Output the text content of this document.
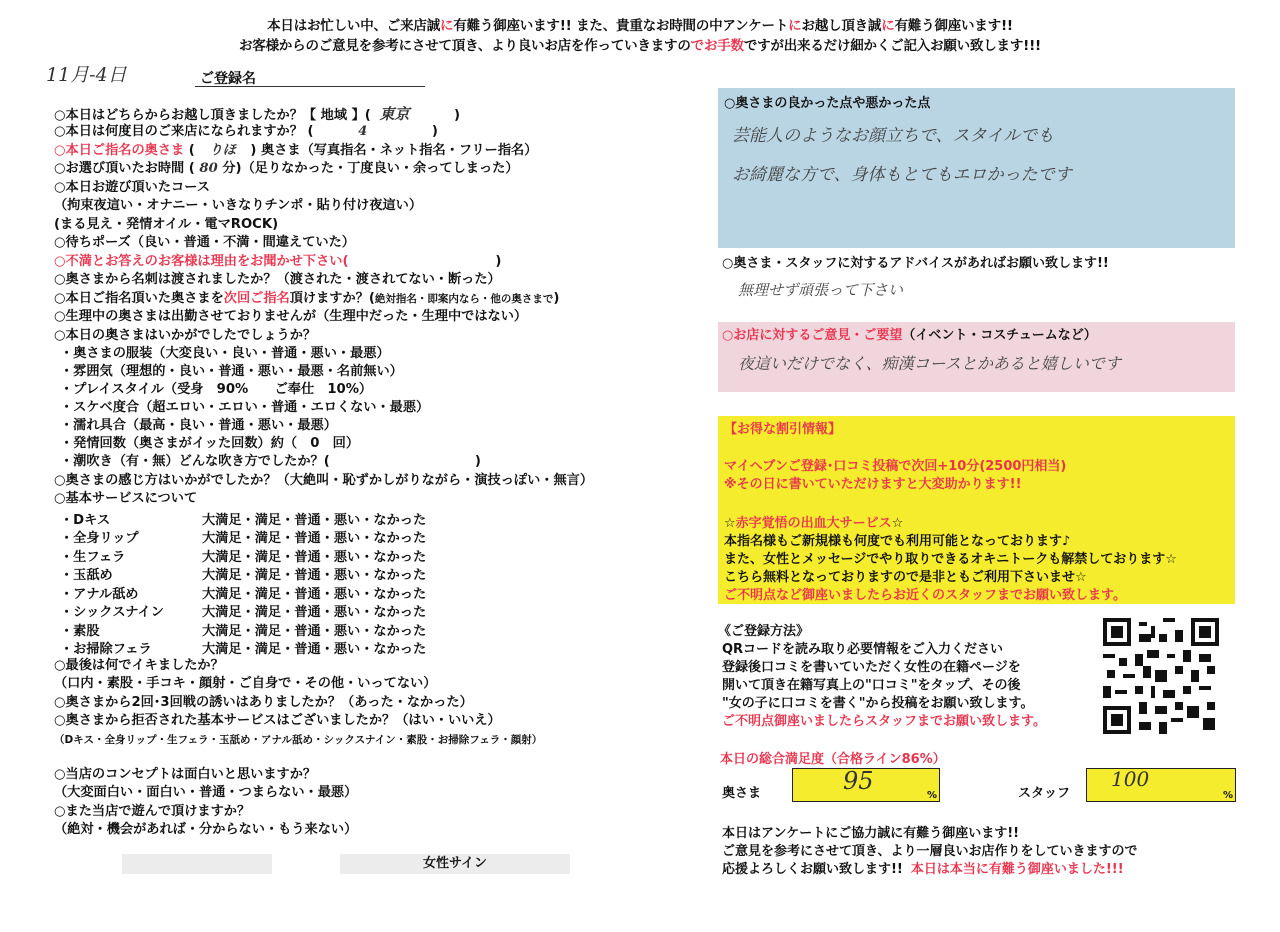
本日はお忙しい中、ご来店誠に有難う御座います!! また、貴重なお時間の中アンケートにお越し頂き誠に有難う御座います!!
お客様からのご意見を参考にさせて頂き、より良いお店を作っていきますのでお手数ですが出来るだけ細かくご記入お願い致します!!!
11月-4日	ご登録名
○本日はどちらからお越し頂きましたか？【 地域 】( 東京	)
○本日は何度目のご来店になられますか？ (	4	)
○本日ご指名の奥さま ( りほ ) 奥さま（写真指名・ネット指名・フリー指名）
○お選び頂いたお時間 ( 80 分)（足りなかった・丁度良い・余ってしまった）
○本日お遊び頂いたコース
（拘束夜這い・オナニー・いきなりチンポ・貼り付け夜這い）
(まる見え・発情オイル・電マROCK)
○待ちポーズ（良い・普通・不満・間違えていた）
○不満とお答えのお客様は理由をお聞かせ下さい(                                )
○奥さまから名刺は渡されましたか？（渡された・渡されてない・断った）
○本日ご指名頂いた奥さまを次回ご指名頂けますか？(絶対指名・即案内なら・他の奥さまで)
○生理中の奥さまは出勤させておりませんが（生理中だった・生理中ではない）
○本日の奥さまはいかがでしたでしょうか？
・奥さまの服装（大変良い・良い・普通・悪い・最悪）
・雰囲気（理想的・良い・普通・悪い・最悪・名前無い）
・プレイスタイル（受身　90%　　ご奉仕　10%）
・スケベ度合（超エロい・エロい・普通・エロくない・最悪）
・濡れ具合（最高・良い・普通・悪い・最悪）
・発情回数（奥さまがイッた回数）約（　0　回）
・潮吹き（有・無）どんな吹き方でしたか？(　　　　　　　　　　　)
○奥さまの感じ方はいかがでしたか？（大絶叫・恥ずかしがりながら・演技っぽい・無言）
○基本サービスについて
・Dキス	大満足・満足・普通・悪い・なかった
・全身リップ	大満足・満足・普通・悪い・なかった
・生フェラ	大満足・満足・普通・悪い・なかった
・玉舐め	大満足・満足・普通・悪い・なかった
・アナル舐め	大満足・満足・普通・悪い・なかった
・シックスナイン	大満足・満足・普通・悪い・なかった
・素股	大満足・満足・普通・悪い・なかった
・お掃除フェラ	大満足・満足・普通・悪い・なかった
○最後は何でイキましたか？
（口内・素股・手コキ・顔射・ご自身で・その他・いってない）
○奥さまから2回･3回戦の誘いはありましたか？（あった・なかった）
○奥さまから拒否された基本サービスはございましたか？（はい・いいえ）
（Dキス・全身リップ・生フェラ・玉舐め・アナル舐め・シックスナイン・素股・お掃除フェラ・顔射）
○当店のコンセプトは面白いと思いますか？
（大変面白い・面白い・普通・つまらない・最悪）
○また当店で遊んで頂けますか？
（絶対・機会があれば・分からない・もう来ない）
女性サイン
○奥さまの良かった点や悪かった点
芸能人のようなお顔立ちで、スタイルでも
お綺麗な方で、身体もとてもエロかったです
○奥さま・スタッフに対するアドバイスがあればお願い致します!!
無理せず頑張って下さい
○お店に対するご意見・ご要望（イベント・コスチュームなど）
夜這いだけでなく、痴漢コースとかあると嬉しいです
【お得な割引情報】
マイヘブンご登録･口コミ投稿で次回+10分(2500円相当)
※その日に書いていただけますと大変助かります!!
☆赤字覚悟の出血大サービス☆
本指名様もご新規様も何度でも利用可能となっております♪
また、女性とメッセージでやり取りできるオキニトークも解禁しております☆
こちら無料となっておりますので是非ともご利用下さいませ☆
ご不明点など御座いましたらお近くのスタッフまでお願い致します。
《ご登録方法》
QRコードを読み取り必要情報をご入力ください
登録後口コミを書いていただく女性の在籍ページを
開いて頂き在籍写真上の"口コミ"をタップ、その後
"女の子に口コミを書く"から投稿をお願い致します。
ご不明点御座いましたらスタッフまでお願い致します。
本日の総合満足度（合格ライン86%）
奥さま	95
%	スタッフ
100
%
本日はアンケートにご協力誠に有難う御座います!!
ご意見を参考にさせて頂き、より一層良いお店作りをしていきますので
応援よろしくお願い致します!! 本日は本当に有難う御座いました!!!
